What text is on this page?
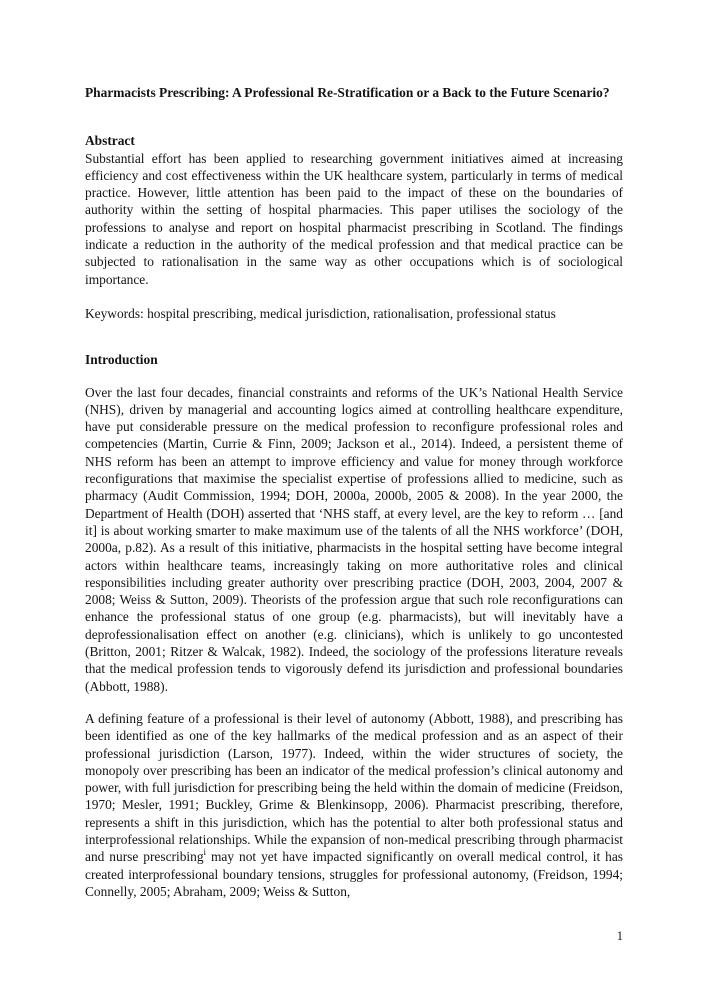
Pharmacists Prescribing: A Professional Re-Stratification or a Back to the Future Scenario?
Abstract

Substantial effort has been applied to researching government initiatives aimed at increasing efficiency and cost effectiveness within the UK healthcare system, particularly in terms of medical practice. However, little attention has been paid to the impact of these on the boundaries of authority within the setting of hospital pharmacies. This paper utilises the sociology of the professions to analyse and report on hospital pharmacist prescribing in Scotland. The findings indicate a reduction in the authority of the medical profession and that medical practice can be subjected to rationalisation in the same way as other occupations which is of sociological importance.

Keywords: hospital prescribing, medical jurisdiction, rationalisation, professional status

Introduction

Over the last four decades, financial constraints and reforms of the UK’s National Health Service (NHS), driven by managerial and accounting logics aimed at controlling healthcare expenditure, have put considerable pressure on the medical profession to reconfigure professional roles and competencies (Martin, Currie & Finn, 2009; Jackson et al., 2014). Indeed, a persistent theme of NHS reform has been an attempt to improve efficiency and value for money through workforce reconfigurations that maximise the specialist expertise of professions allied to medicine, such as pharmacy (Audit Commission, 1994; DOH, 2000a, 2000b, 2005 & 2008). In the year 2000, the Department of Health (DOH) asserted that ‘NHS staff, at every level, are the key to reform … [and it] is about working smarter to make maximum use of the talents of all the NHS workforce’ (DOH, 2000a, p.82). As a result of this initiative, pharmacists in the hospital setting have become integral actors within healthcare teams, increasingly taking on more authoritative roles and clinical responsibilities including greater authority over prescribing practice (DOH, 2003, 2004, 2007 & 2008; Weiss & Sutton, 2009). Theorists of the profession argue that such role reconfigurations can enhance the professional status of one group (e.g. pharmacists), but will inevitably have a deprofessionalisation effect on another (e.g. clinicians), which is unlikely to go uncontested (Britton, 2001; Ritzer & Walcak, 1982). Indeed, the sociology of the professions literature reveals that the medical profession tends to vigorously defend its jurisdiction and professional boundaries (Abbott, 1988).

A defining feature of a professional is their level of autonomy (Abbott, 1988), and prescribing has been identified as one of the key hallmarks of the medical profession and as an aspect of their professional jurisdiction (Larson, 1977). Indeed, within the wider structures of society, the monopoly over prescribing has been an indicator of the medical profession’s clinical autonomy and power, with full jurisdiction for prescribing being the held within the domain of medicine (Freidson, 1970; Mesler, 1991; Buckley, Grime & Blenkinsopp, 2006). Pharmacist prescribing, therefore, represents a shift in this jurisdiction, which has the potential to alter both professional status and interprofessional relationships. While the expansion of non-medical prescribing through pharmacist and nurse prescribing$^i$ may not yet have impacted significantly on overall medical control, it has created interprofessional boundary tensions, struggles for professional autonomy, (Freidson, 1994; Connelly, 2005; Abraham, 2009; Weiss & Sutton,

1
